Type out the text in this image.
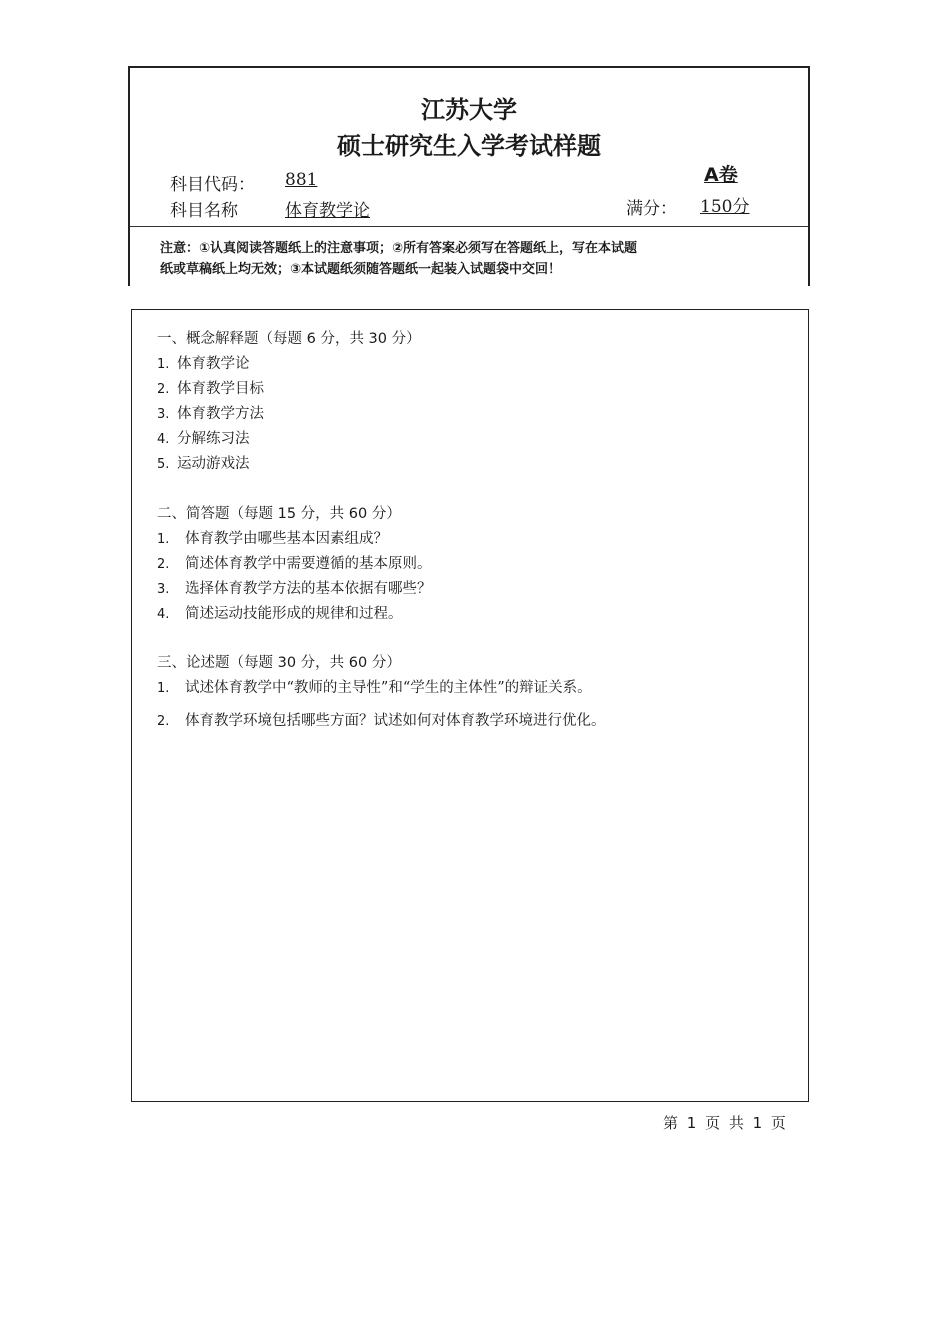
江苏大学
硕士研究生入学考试样题
A卷
科目代码： 881
科目名称	体育教学论	满分： 150分
注意：①认真阅读答题纸上的注意事项；②所有答案必须写在答题纸上，写在本试题
纸或草稿纸上均无效；③本试题纸须随答题纸一起装入试题袋中交回！
一、概念解释题（每题 6 分，共 30 分）
1. 体育教学论
2. 体育教学目标
3. 体育教学方法
4. 分解练习法
5. 运动游戏法
二、简答题（每题 15 分，共 60 分）
1. 体育教学由哪些基本因素组成？
2. 简述体育教学中需要遵循的基本原则。
3. 选择体育教学方法的基本依据有哪些？
4. 简述运动技能形成的规律和过程。
三、论述题（每题 30 分，共 60 分）
1. 试述体育教学中“教师的主导性”和“学生的主体性”的辩证关系。
2. 体育教学环境包括哪些方面？试述如何对体育教学环境进行优化。
第 1 页 共 1 页
